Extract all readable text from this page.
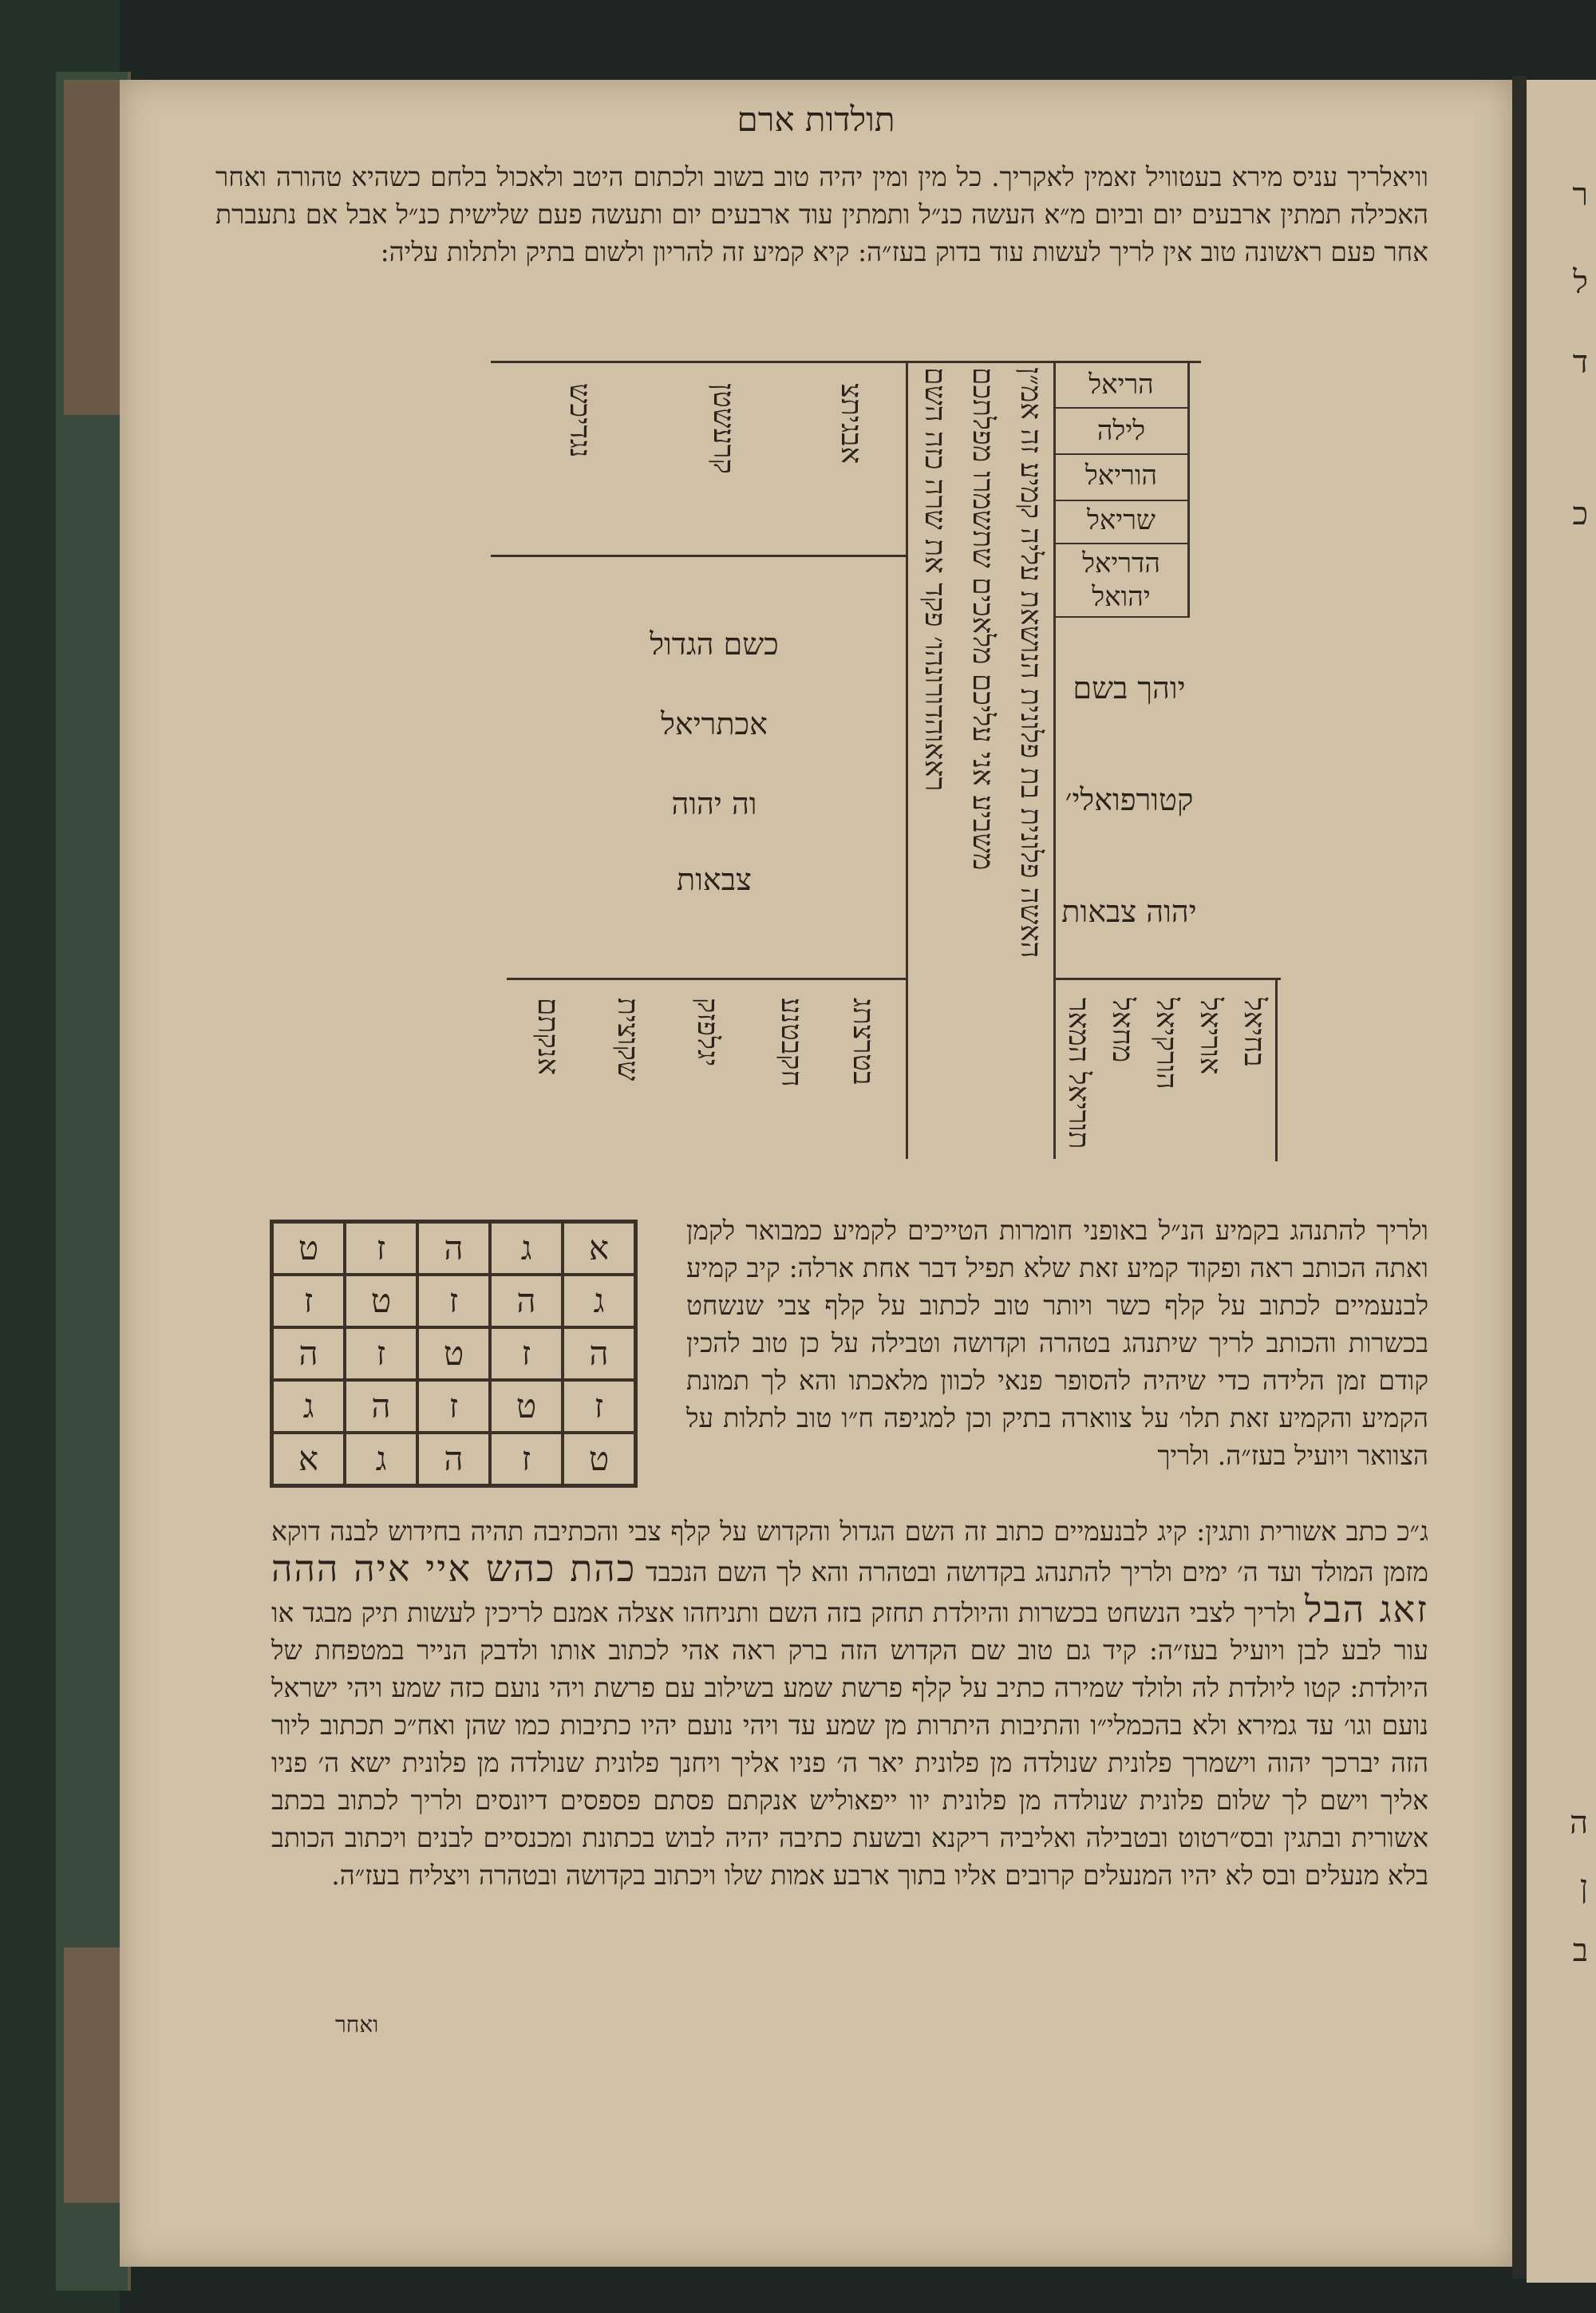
ר
ל
ד
כ
ה
ן
ב
תולדות ארם
וויאלריך עניס מירא בעטוויל זאמין לאקריך. כל מין ומין יהיה טוב בשוב ולכתום היטב ולאכול בלחם כשהיא טהורה ואחר האכילה תמתין ארבעים יום וביום מ״א העשה כנ״ל ותמתין עוד ארבעים יום ותעשה פעם שלישית כנ״ל אבל אם נתעברת אחר פעם ראשונה טוב אין לריך לעשות עוד בדוק בעז״ה: קיא קמיע זה להריון ולשום בתיק ולתלות עליה:
הריאל
לילה
הוריאל
שריאל
הדריאל
יהואל
יוהך בשם
קטורפואלי׳
יהוה צבאות
האשה פלונית בת פלונית הנושאת עליה קמיע זה אמ״ן
משביע אני עליכם מלאכים שתשמרו מפלתכם
ראאוהדורונהו׳ פקד את שרה כזה השם
אבגיתצ
קרעשטן
נגדיכש
כשם הגדול
אכתריאל
וה יהוה
צבאות
בחיאל
אוריאל
הורקיאל
מחאל
תוריאל המאר
בטרצתג
חקבטנע
יגלפזק
שקוצית
אנקתם
א
ג
ה
ז
ט
ג
ה
ז
ט
ז
ה
ז
ט
ז
ה
ז
ט
ז
ה
ג
ט
ז
ה
ג
א
ולריך להתנהג בקמיע הנ״ל באופני חומרות הטייכים לקמיע כמבואר לקמן ואתה הכותב ראה ופקוד קמיע זאת שלא תפיל דבר אחת ארלה: קיב קמיע לבנעמיים לכתוב על קלף כשר ויותר טוב לכתוב על קלף צבי שנשחט בכשרות והכותב לריך שיתנהג בטהרה וקדושה וטבילה על כן טוב להכין קודם זמן הלידה כדי שיהיה להסופר פנאי לכוון מלאכתו והא לך תמונת הקמיע והקמיע זאת תלו׳ על צווארה בתיק וכן למגיפה ח״ו טוב לתלות על הצוואר ויועיל בעז״ה. ולריך
ג״כ כתב אשורית ותגין: קיג לבנעמיים כתוב זה השם הגדול והקדוש על קלף צבי והכתיבה תהיה בחידוש לבנה דוקא מזמן המולד ועד ה׳ ימים ולריך להתנהג בקדושה ובטהרה והא לך השם הנכבד כהת כהש איי איה ההה זאג הבל ולריך לצבי הנשחט בכשרות והיולדת תחזק בזה השם ותניחהו אצלה אמנם לריכין לעשות תיק מבגד או עור לבע לבן ויועיל בעז״ה: קיד גם טוב שם הקדוש הזה ברק ראה אהי לכתוב אותו ולדבק הנייר במטפחת של היולדת: קטו ליולדת לה ולולד שמירה כתיב על קלף פרשת שמע בשילוב עם פרשת ויהי נועם כזה שמע ויהי ישראל נועם וגו׳ עד גמירא ולא בהכמלי״ו והתיבות היתרות מן שמע עד ויהי נועם יהיו כתיבות כמו שהן ואח״כ תכתוב ליור הזה יברכך יהוה וישמרך פלונית שנולדה מן פלונית יאר ה׳ פניו אליך ויחנך פלונית שנולדה מן פלונית ישא ה׳ פניו אליך וישם לך שלום פלונית שנולדה מן פלונית יוו ייפאוליש אנקתם פסתם פספסים דיונסים ולריך לכתוב בכתב אשורית ובתגין ובס״רטוט ובטבילה ואליביה ריקנא ובשעת כתיבה יהיה לבוש בכתונת ומכנסיים לבנים ויכתוב הכותב בלא מנעלים ובס לא יהיו המנעלים קרובים אליו בתוך ארבע אמות שלו ויכתוב בקדושה ובטהרה ויצליח בעז״ה.
ואחר
